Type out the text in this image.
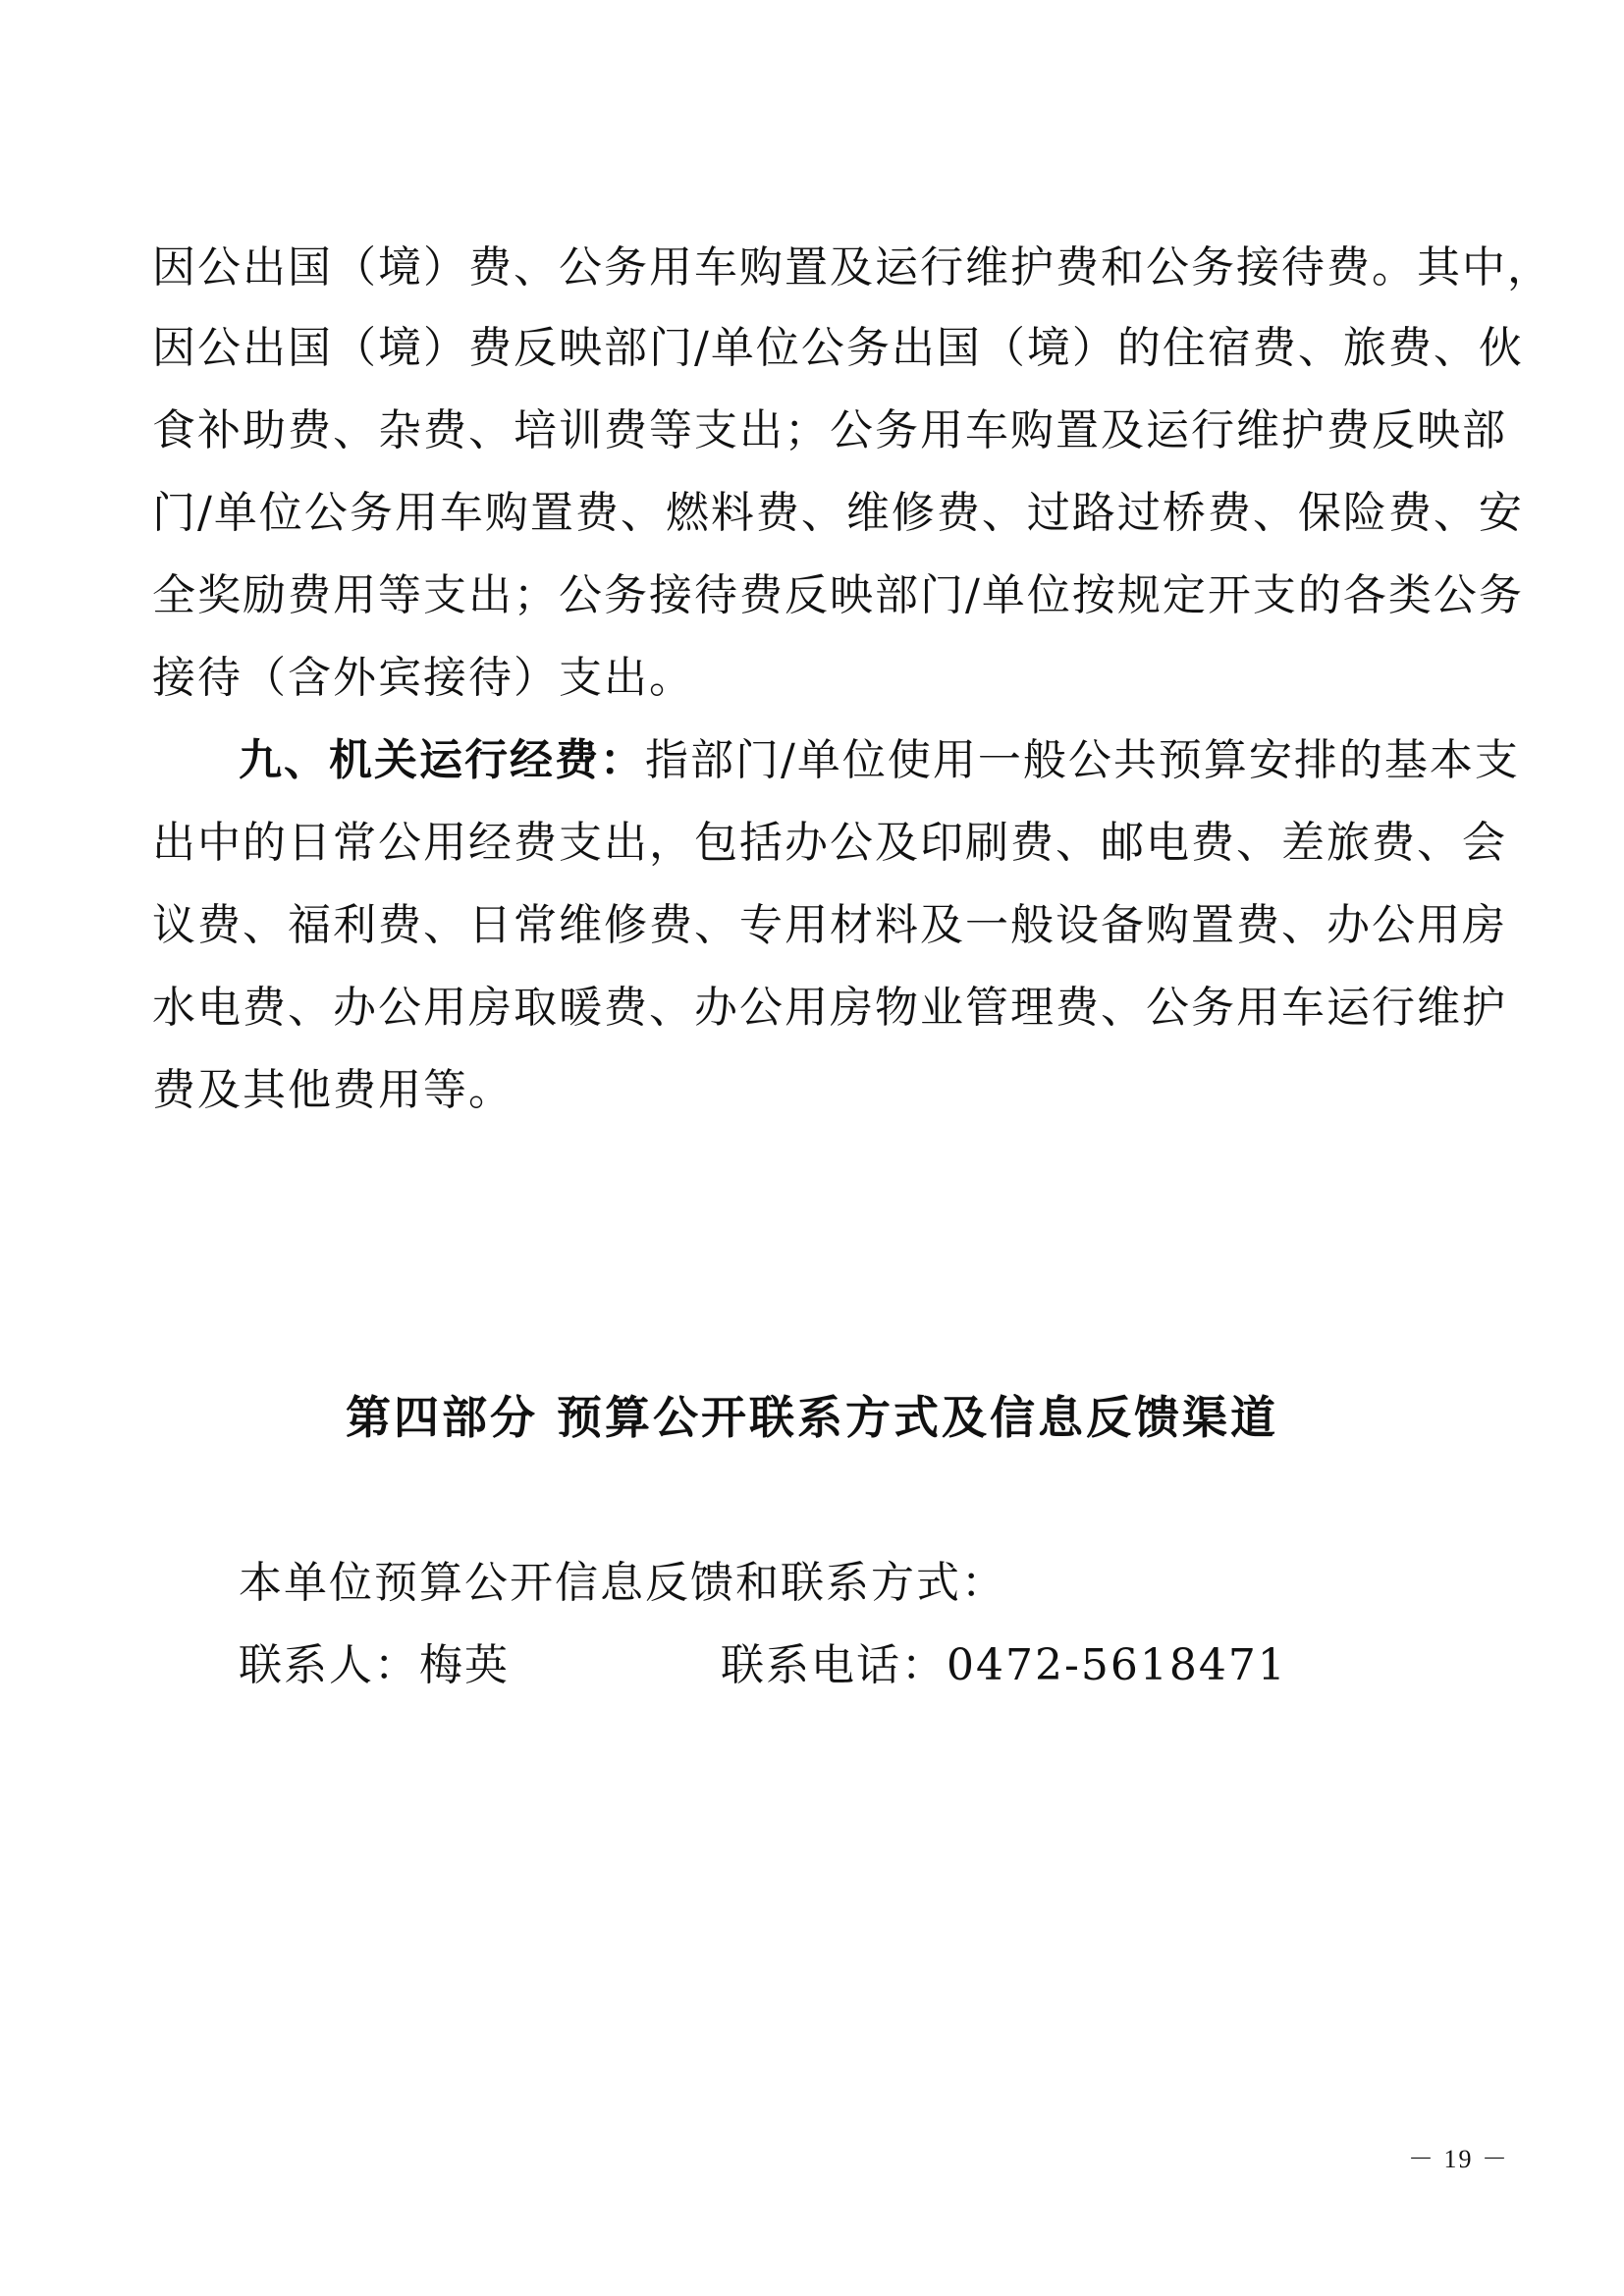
因公出国（境）费、公务用车购置及运行维护费和公务接待费。其中，
因公出国（境）费反映部门/单位公务出国（境）的住宿费、旅费、伙
食补助费、杂费、培训费等支出；公务用车购置及运行维护费反映部
门/单位公务用车购置费、燃料费、维修费、过路过桥费、保险费、安
全奖励费用等支出；公务接待费反映部门/单位按规定开支的各类公务
接待（含外宾接待）支出。
九、机关运行经费：指部门/单位使用一般公共预算安排的基本支
出中的日常公用经费支出，包括办公及印刷费、邮电费、差旅费、会
议费、福利费、日常维修费、专用材料及一般设备购置费、办公用房
水电费、办公用房取暖费、办公用房物业管理费、公务用车运行维护
费及其他费用等。
第四部分 预算公开联系方式及信息反馈渠道
本单位预算公开信息反馈和联系方式：
联系人：梅英	联系电话：0472-5618471
－ 19 －
